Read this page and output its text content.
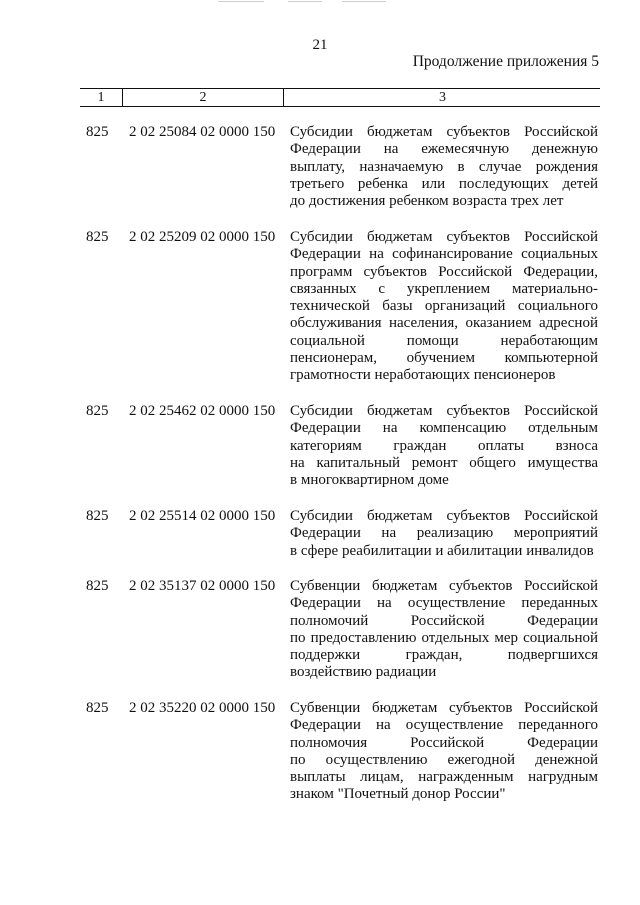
21
Продолжение приложения 5
1	2	3
825 2 02 25084 02 0000 150 Субсидии бюджетам субъектов Российской
Федерации на ежемесячную денежную
выплату, назначаемую в случае рождения
третьего ребенка или последующих детей
до достижения ребенком возраста трех лет
825 2 02 25209 02 0000 150 Субсидии бюджетам субъектов Российской
Федерации на софинансирование социальных
программ субъектов Российской Федерации,
связанных с укреплением материально-
технической базы организаций социального
обслуживания населения, оказанием адресной
социальной помощи неработающим
пенсионерам, обучением компьютерной
грамотности неработающих пенсионеров
825 2 02 25462 02 0000 150 Субсидии бюджетам субъектов Российской
Федерации на компенсацию отдельным
категориям граждан оплаты взноса
на капитальный ремонт общего имущества
в многоквартирном доме
825 2 02 25514 02 0000 150 Субсидии бюджетам субъектов Российской
Федерации на реализацию мероприятий
в сфере реабилитации и абилитации инвалидов
825 2 02 35137 02 0000 150 Субвенции бюджетам субъектов Российской
Федерации на осуществление переданных
полномочий Российской Федерации
по предоставлению отдельных мер социальной
поддержки граждан, подвергшихся
воздействию радиации
825 2 02 35220 02 0000 150 Субвенции бюджетам субъектов Российской
Федерации на осуществление переданного
полномочия Российской Федерации
по осуществлению ежегодной денежной
выплаты лицам, награжденным нагрудным
знаком "Почетный донор России"
